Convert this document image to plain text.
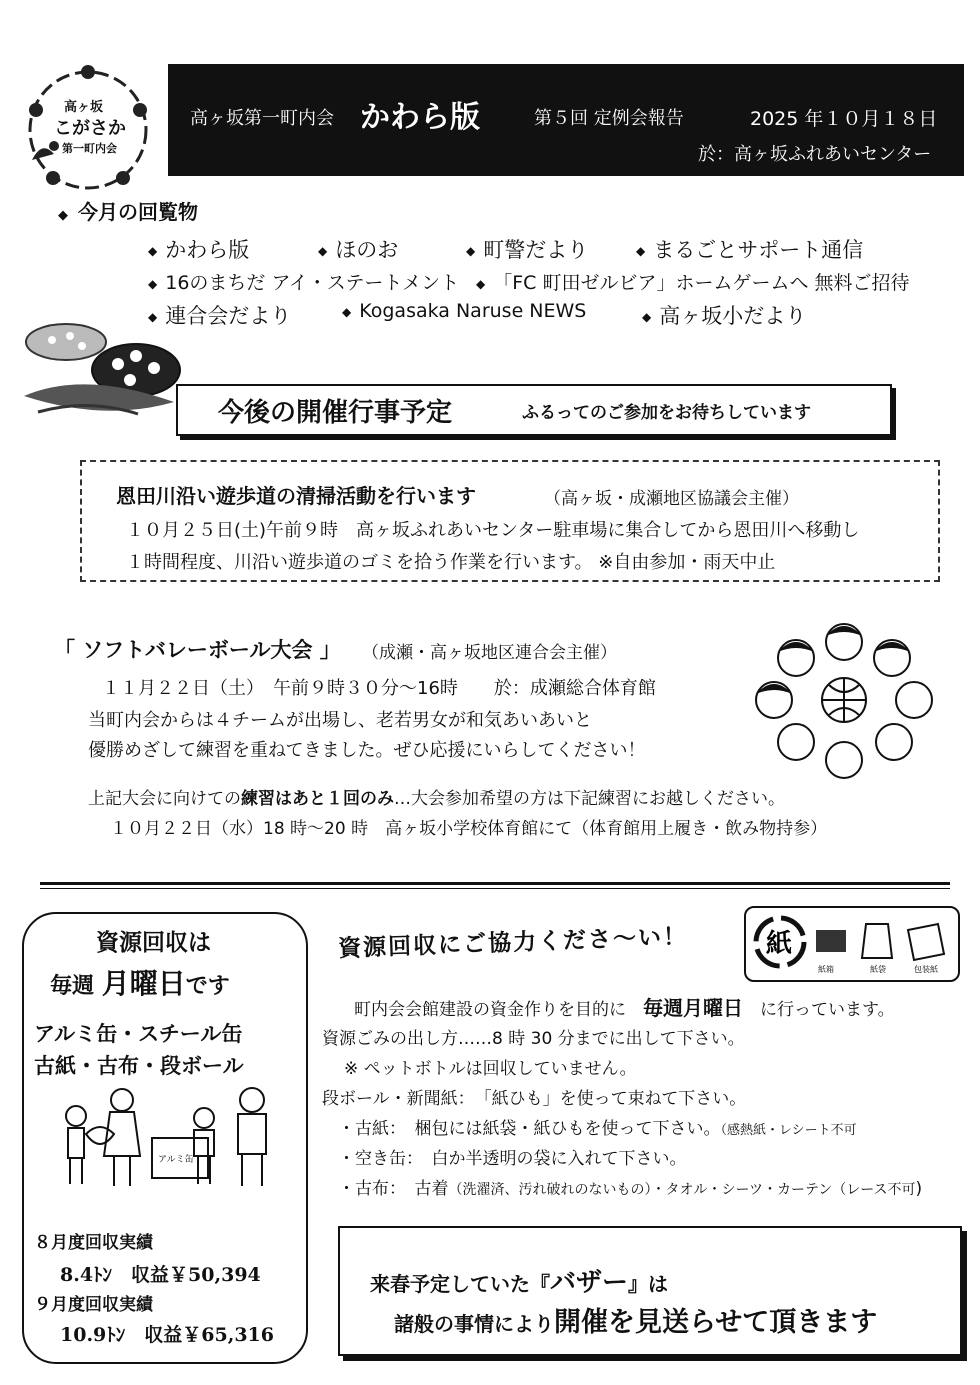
高ヶ坂
こがさか
第一町内会
高ヶ坂第一町内会 かわら版	第５回 定例会報告	2025 年１０月１８日
於：高ヶ坂ふれあいセンター
◆ 今月の回覧物
◆ かわら版	◆ ほのお	◆ 町警だより	◆ まるごとサポート通信
◆ 16のまちだ アイ・ステートメント ◆ 「FC 町田ゼルビア」ホームゲームへ 無料ご招待
◆ 連合会だより	◆ Kogasaka Naruse NEWS	◆ 高ヶ坂小だより
今後の開催行事予定	ふるってのご参加をお待ちしています
恩田川沿い遊歩道の清掃活動を行います	（高ヶ坂・成瀬地区協議会主催）
１０月２５日(土)午前９時　高ヶ坂ふれあいセンター駐車場に集合してから恩田川へ移動し
１時間程度、川沿い遊歩道のゴミを拾う作業を行います。 ※自由参加・雨天中止
「 ソフトバレーボール大会 」 （成瀬・高ヶ坂地区連合会主催）
１１月２２日（土）　午前９時３０分～16時　　於：成瀬総合体育館
当町内会からは４チームが出場し、老若男女が和気あいあいと
優勝めざして練習を重ねてきました。ぜひ応援にいらしてください！
上記大会に向けての練習はあと１回のみ…大会参加希望の方は下記練習にお越しください。
１０月２２日（水）18 時～20 時　高ヶ坂小学校体育館にて（体育館用上履き・飲み物持参）
資源回収は
毎週 月曜日です
アルミ缶・スチール缶
古紙・古布・段ボール
８月度回収実績
8.4ﾄﾝ　収益￥50,394
９月度回収実績
10.9ﾄﾝ　収益￥65,316
アルミ缶
資源回収にご協力くださ～い！	紙
紙箱	紙袋	包装紙
町内会会館建設の資金作りを目的に　 毎週月曜日　 に行っています。
資源ごみの出し方……8 時 30 分までに出して下さい。
※ ペットボトルは回収していません。
段ボール・新聞紙：　「紙ひも」を使って束ねて下さい。
・古紙：　梱包には紙袋・紙ひもを使って下さい。（感熱紙・レシート不可
・空き缶：　白か半透明の袋に入れて下さい。
・古布：　古着（洗濯済、汚れ破れのないもの）・タオル・シーツ・カーテン（レース不可)
来春予定していた『バザー』は
諸般の事情により開催を見送らせて頂きます
